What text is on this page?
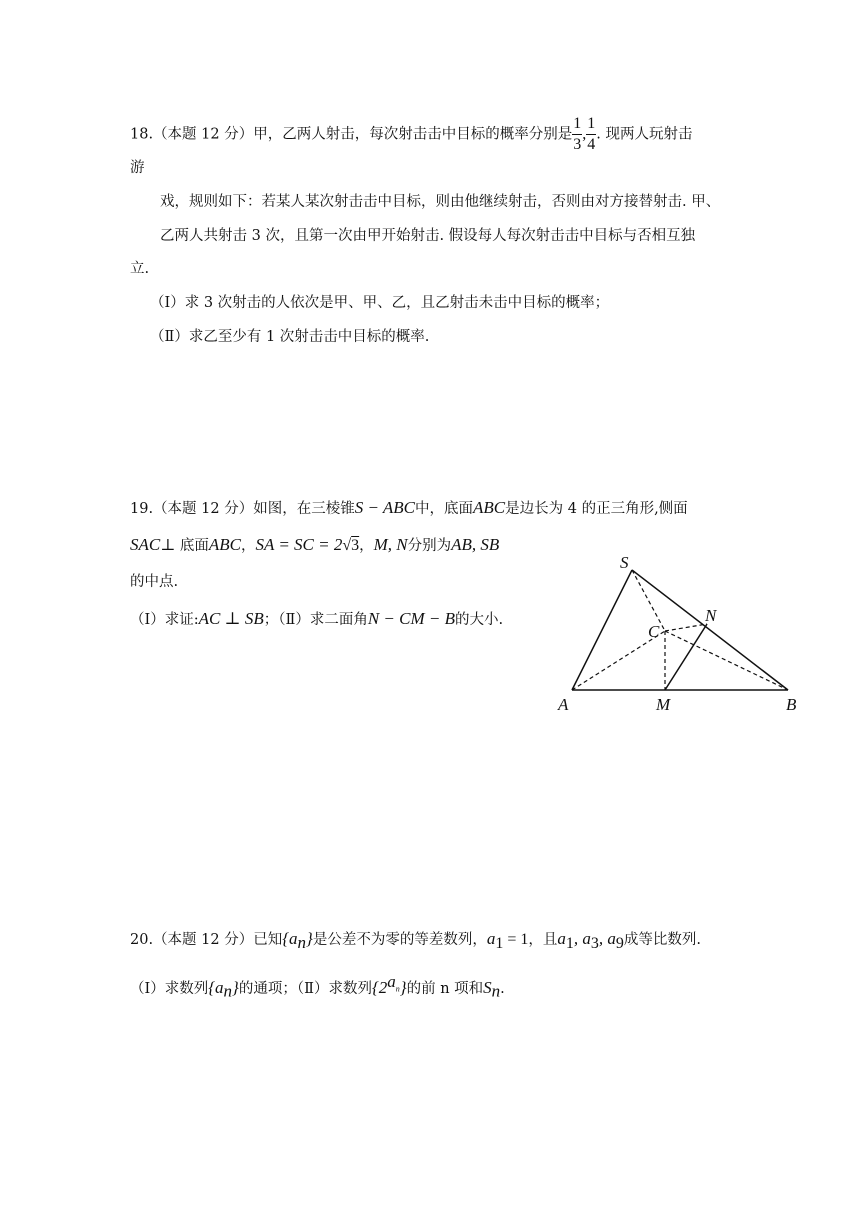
18.（本题 12 分）甲，乙两人射击，每次射击击中目标的概率分别是 $\frac{1}{3}$ , $\frac{1}{4}$ . 现两人玩射击
游
戏，规则如下：若某人某次射击击中目标，则由他继续射击，否则由对方接替射击. 甲、
乙两人共射击 3 次，且第一次由甲开始射击. 假设每人每次射击击中目标与否相互独
立.
（Ⅰ）求 3 次射击的人依次是甲、甲、乙，且乙射击未击中目标的概率；
（Ⅱ）求乙至少有 1 次射击击中目标的概率.
19.（本题 12 分）如图，在三棱锥S − ABC中，底面ABC是边长为 4 的正三角形,侧面
SAC⊥ 底面ABC，SA = SC = 2√3，M, N分别为AB, SB
的中点.
（Ⅰ）求证:AC ⊥ SB；（Ⅱ）求二面角N − CM − B的大小.
S
N
C
A	M	B
20.（本题 12 分）已知$\{a_n\}$是公差不为零的等差数列，$a_1 = 1$，且$a_1$, $a_3$, $a_9$成等比数列.
（Ⅰ）求数列$\{a_n\}$的通项；（Ⅱ）求数列$\{2^{a_n}\}$的前 n 项和$S_n$.
